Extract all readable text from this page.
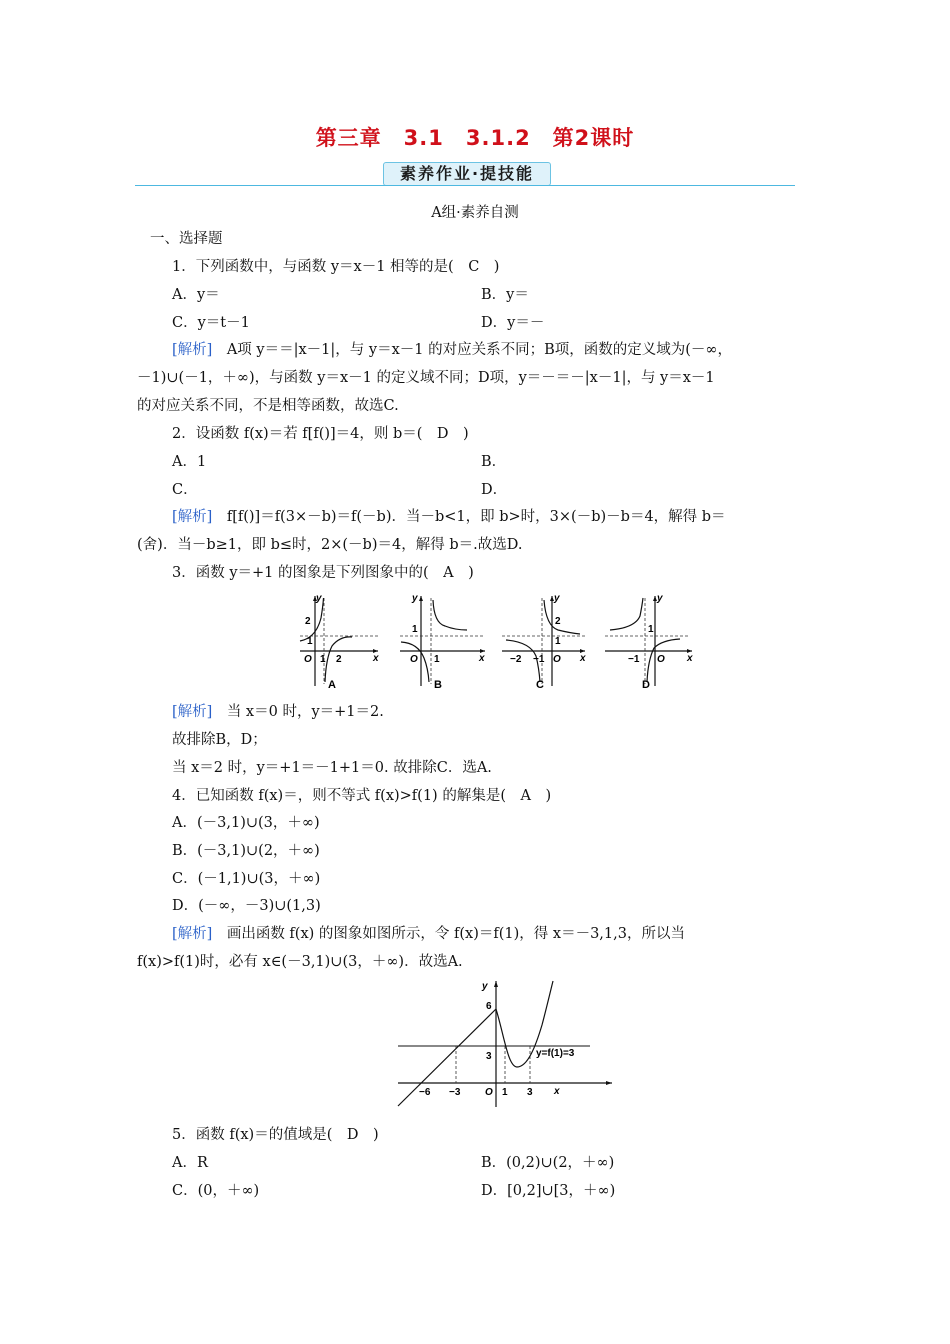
第三章　3.1　3.1.2　第2课时
素养作业·提技能
A组·素养自测
一、选择题
1．下列函数中，与函数 y＝x－1 相等的是(　C　)
A．y＝	B．y＝
C．y＝t－1	D．y＝－
[解析]　A项 y＝＝|x－1|，与 y＝x－1 的对应关系不同；B项，函数的定义域为(－∞，
－1)∪(－1，＋∞)，与函数 y＝x－1 的定义域不同；D项，y＝－＝－|x－1|，与 y＝x－1
的对应关系不同，不是相等函数，故选C.
2．设函数 f(x)＝若 f[f()]＝4，则 b＝(　D　)
A．1	B．
C．	D．
[解析]　f[f()]＝f(3×－b)＝f(－b)．当－b<1，即 b>时，3×(－b)－b＝4，解得 b＝
(舍)．当－b≥1，即 b≤时，2×(－b)＝4，解得 b＝.故选D.
3．函数 y＝+1 的图象是下列图象中的(　A　)
y
2
1
O 1 2	x
A
y
1
O 1	x
B
y
2
1
−2 −1 O x
C
y
1
−1 O x
D
[解析]　当 x＝0 时，y＝+1＝2.
故排除B，D；
当 x＝2 时，y＝+1＝－1+1＝0. 故排除C．选A.
4．已知函数 f(x)＝，则不等式 f(x)>f(1) 的解集是(　A　)
A．(－3,1)∪(3，＋∞)
B．(－3,1)∪(2，＋∞)
C．(－1,1)∪(3，＋∞)
D．(－∞，－3)∪(1,3)
[解析]　画出函数 f(x) 的图象如图所示，令 f(x)＝f(1)，得 x＝－3,1,3，所以当
f(x)>f(1)时，必有 x∈(－3,1)∪(3，＋∞)．故选A.
y
6
3
−6 −3 O 1 3 x
y=f(1)=3
5．函数 f(x)＝的值域是(　D　)
A．R	B．(0,2)∪(2，＋∞)
C．(0，＋∞)	D．[0,2]∪[3，＋∞)
